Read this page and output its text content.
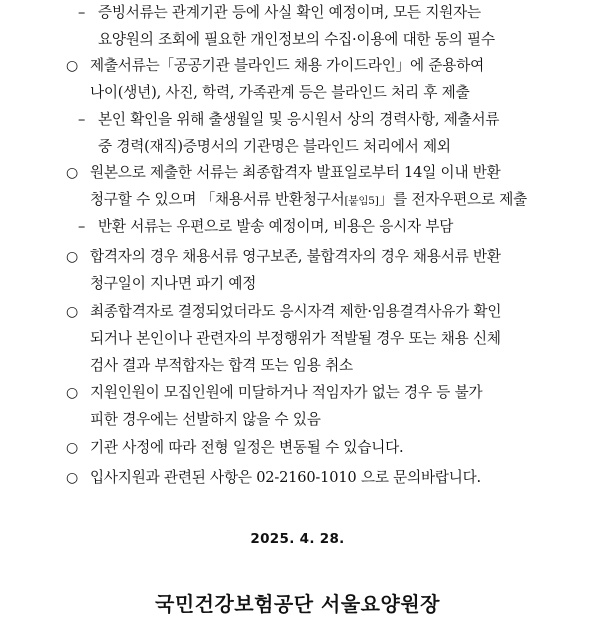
– 증빙서류는 관계기관 등에 사실 확인 예정이며, 모든 지원자는
요양원의 조회에 필요한 개인정보의 수집·이용에 대한 동의 필수
○ 제출서류는「공공기관 블라인드 채용 가이드라인」에 준용하여
나이(생년), 사진, 학력, 가족관계 등은 블라인드 처리 후 제출
– 본인 확인을 위해 출생월일 및 응시원서 상의 경력사항, 제출서류
중 경력(재직)증명서의 기관명은 블라인드 처리에서 제외
○ 원본으로 제출한 서류는 최종합격자 발표일로부터 14일 이내 반환
청구할 수 있으며 「채용서류 반환청구서[붙임5]」를 전자우편으로 제출
– 반환 서류는 우편으로 발송 예정이며, 비용은 응시자 부담
○ 합격자의 경우 채용서류 영구보존, 불합격자의 경우 채용서류 반환
청구일이 지나면 파기 예정
○ 최종합격자로 결정되었더라도 응시자격 제한·임용결격사유가 확인
되거나 본인이나 관련자의 부정행위가 적발될 경우 또는 채용 신체
검사 결과 부적합자는 합격 또는 임용 취소
○ 지원인원이 모집인원에 미달하거나 적임자가 없는 경우 등 불가
피한 경우에는 선발하지 않을 수 있음
○ 기관 사정에 따라 전형 일정은 변동될 수 있습니다.
○ 입사지원과 관련된 사항은 02-2160-1010 으로 문의바랍니다.
2025. 4. 28.
국민건강보험공단 서울요양원장
